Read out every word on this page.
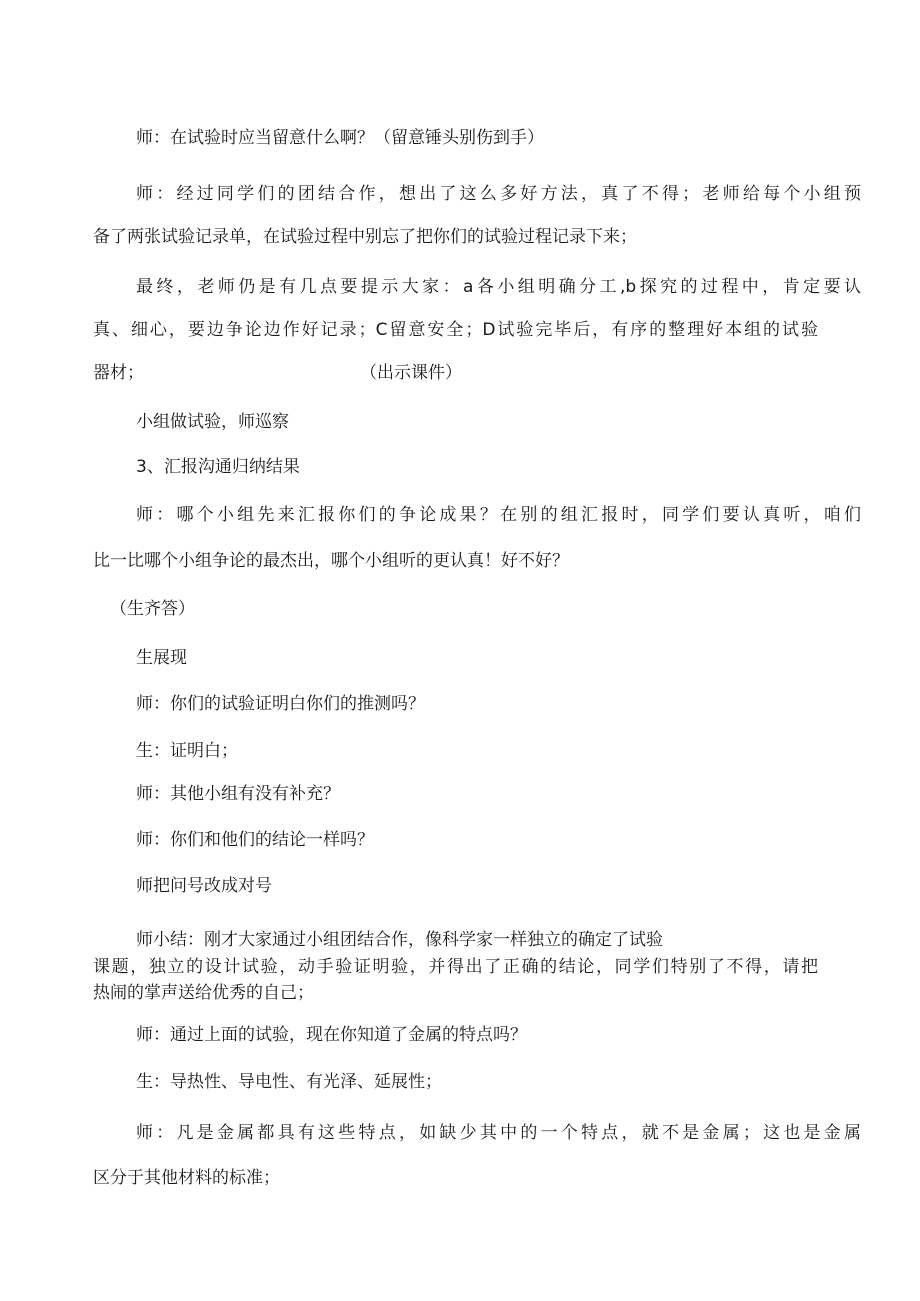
师：在试验时应当留意什么啊？（留意锤头别伤到手）
师：经过同学们的团结合作，想出了这么多好方法，真了不得；老师给每个小组预
备了两张试验记录单，在试验过程中别忘了把你们的试验过程记录下来；
最终，老师仍是有几点要提示大家：a各小组明确分工,b探究的过程中，肯定要认
真、细心，要边争论边作好记录；C留意安全；D试验完毕后，有序的整理好本组的试验
器材；	（出示课件）
小组做试验，师巡察
3、汇报沟通归纳结果
师：哪个小组先来汇报你们的争论成果？在别的组汇报时，同学们要认真听，咱们
比一比哪个小组争论的最杰出，哪个小组听的更认真！好不好？
（生齐答）
生展现
师：你们的试验证明白你们的推测吗？
生：证明白；
师：其他小组有没有补充？
师：你们和他们的结论一样吗？
师把问号改成对号
师小结：刚才大家通过小组团结合作，像科学家一样独立的确定了试验
课题，独立的设计试验，动手验证明验，并得出了正确的结论，同学们特别了不得，请把
热闹的掌声送给优秀的自己；
师：通过上面的试验，现在你知道了金属的特点吗？
生：导热性、导电性、有光泽、延展性；
师：凡是金属都具有这些特点，如缺少其中的一个特点，就不是金属；这也是金属
区分于其他材料的标准；
